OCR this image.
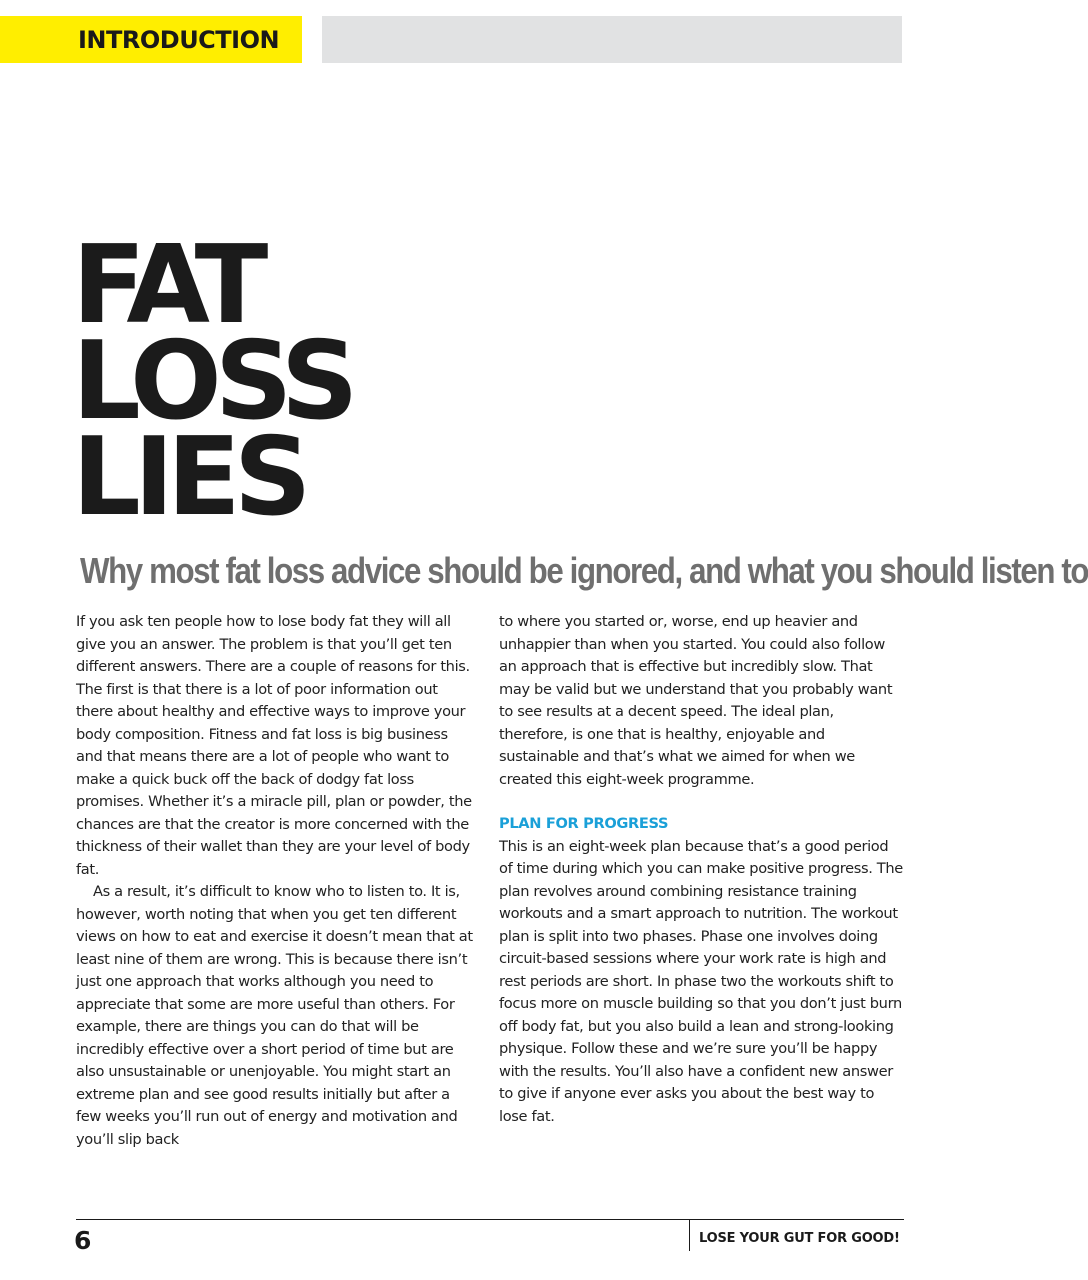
INTRODUCTION
FAT
LOSS
LIES
Why most fat loss advice should be ignored, and what you should listen to

If you ask ten people how to lose body fat they will all give you an answer. The problem is that you’ll get ten different answers. There are a couple of reasons for this. The first is that there is a lot of poor information out there about healthy and effective ways to improve your body composition. Fitness and fat loss is big business and that means there are a lot of people who want to make a quick buck off the back of dodgy fat loss promises. Whether it’s a miracle pill, plan or powder, the chances are that the creator is more concerned with the thickness of their wallet than they are your level of body fat.

As a result, it’s difficult to know who to listen to. It is, however, worth noting that when you get ten different views on how to eat and exercise it doesn’t mean that at least nine of them are wrong. This is because there isn’t just one approach that works although you need to appreciate that some are more useful than others. For example, there are things you can do that will be incredibly effective over a short period of time but are also unsustainable or unenjoyable. You might start an extreme plan and see good results initially but after a few weeks you’ll run out of energy and motivation and you’ll slip back

to where you started or, worse, end up heavier and unhappier than when you started. You could also follow an approach that is effective but incredibly slow. That may be valid but we understand that you probably want to see results at a decent speed. The ideal plan, therefore, is one that is healthy, enjoyable and sustainable and that’s what we aimed for when we created this eight-week programme.

PLAN FOR PROGRESS

This is an eight-week plan because that’s a good period of time during which you can make positive progress. The plan revolves around combining resistance training workouts and a smart approach to nutrition. The workout plan is split into two phases. Phase one involves doing circuit-based sessions where your work rate is high and rest periods are short. In phase two the workouts shift to focus more on muscle building so that you don’t just burn off body fat, but you also build a lean and strong-looking physique. Follow these and we’re sure you’ll be happy with the results. You’ll also have a confident new answer to give if anyone ever asks you about the best way to lose fat.

6	LOSE YOUR GUT FOR GOOD!
